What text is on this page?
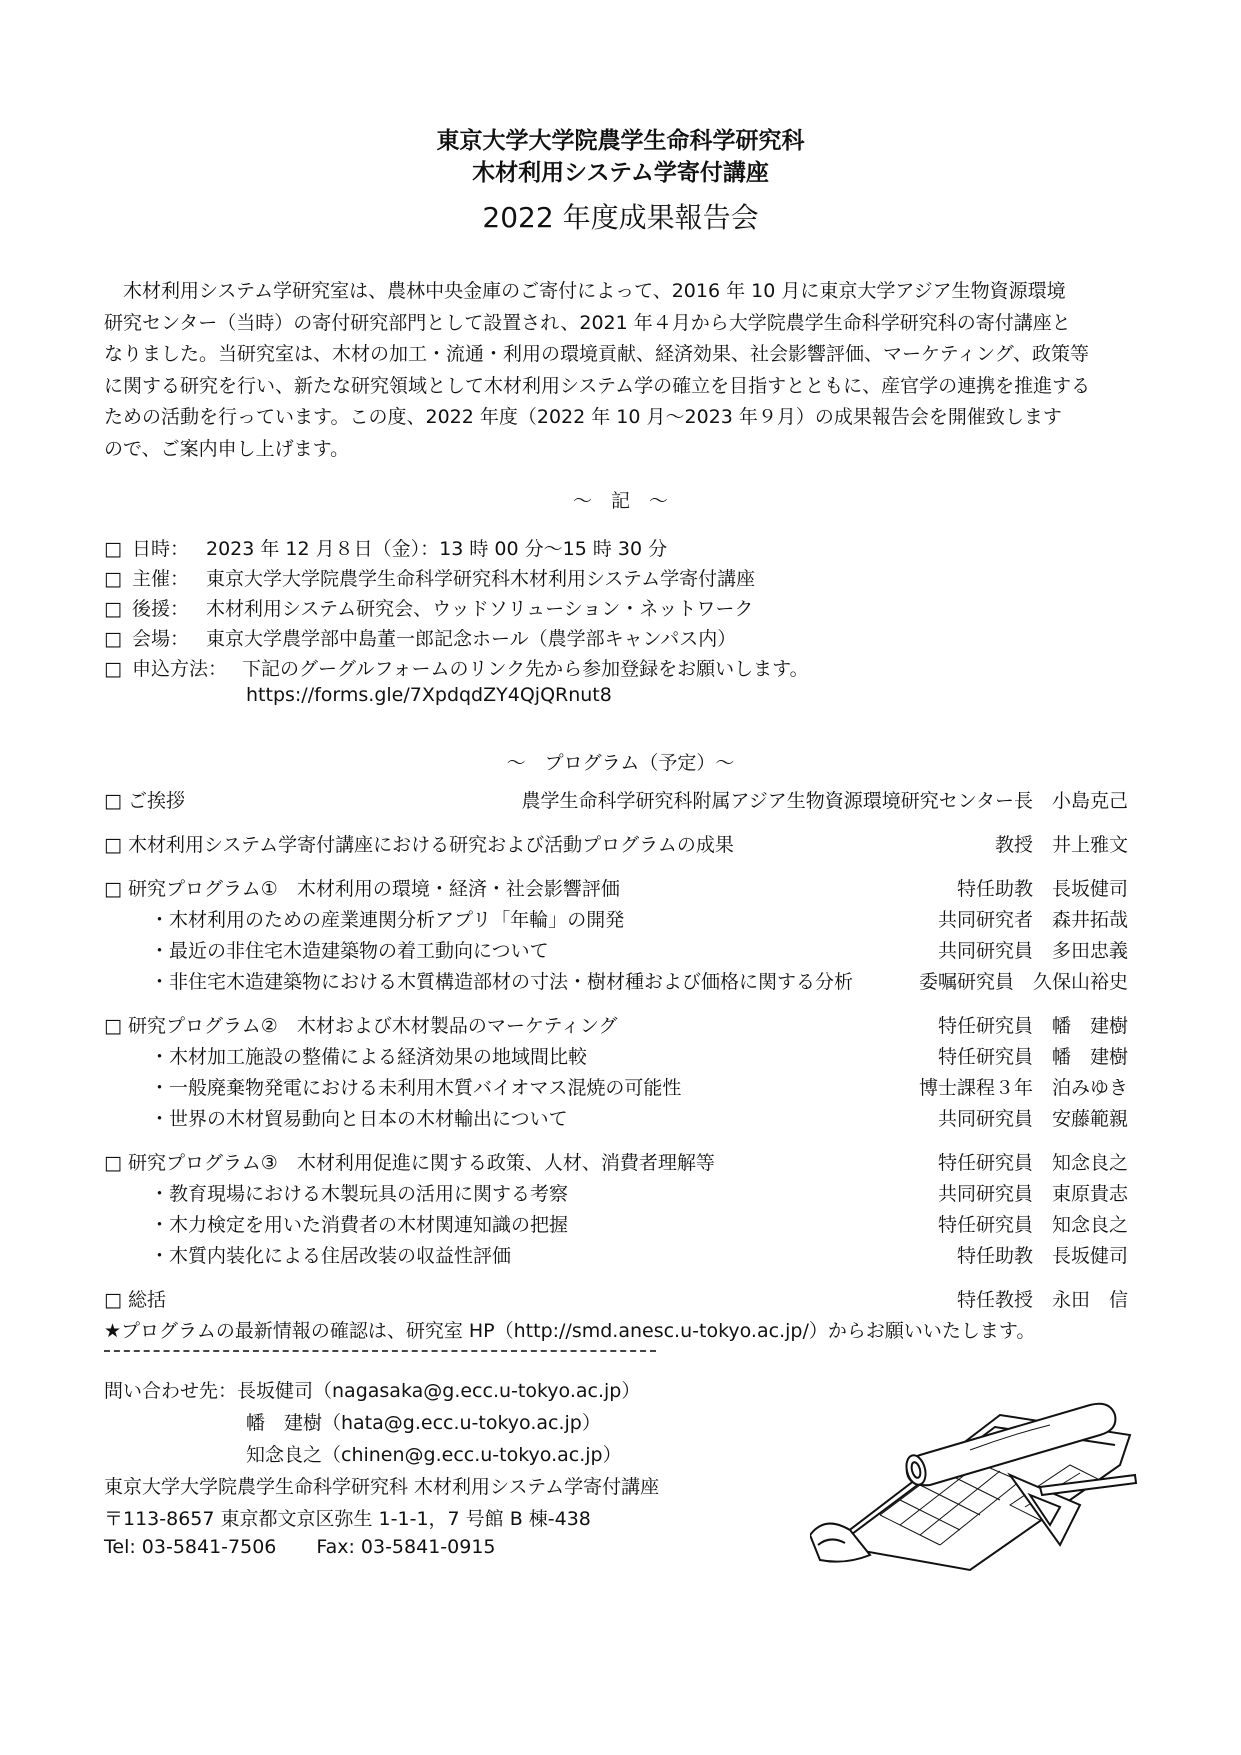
東京大学大学院農学生命科学研究科
木材利用システム学寄付講座
2022 年度成果報告会

木材利用システム学研究室は、農林中央金庫のご寄付によって、2016 年 10 月に東京大学アジア生物資源環境

研究センター（当時）の寄付研究部門として設置され、2021 年４月から大学院農学生命科学研究科の寄付講座と

なりました。当研究室は、木材の加工・流通・利用の環境貢献、経済効果、社会影響評価、マーケティング、政策等

に関する研究を行い、新たな研究領域として木材利用システム学の確立を目指すとともに、産官学の連携を推進する

ための活動を行っています。この度、2022 年度（2022 年 10 月～2023 年９月）の成果報告会を開催致します

ので、ご案内申し上げます。

～　記　～
□ 日時： 2023 年 12 月８日（金）：13 時 00 分～15 時 30 分
□ 主催： 東京大学大学院農学生命科学研究科木材利用システム学寄付講座
□ 後援： 木材利用システム研究会、ウッドソリューション・ネットワーク
□ 会場： 東京大学農学部中島董一郎記念ホール（農学部キャンパス内）
□ 申込方法： 下記のグーグルフォームのリンク先から参加登録をお願いします。
https://forms.gle/7XpdqdZY4QjQRnut8
～　プログラム（予定）～
□ ご挨拶	農学生命科学研究科附属アジア生物資源環境研究センター長　小島克己
□ 木材利用システム学寄付講座における研究および活動プログラムの成果	教授　井上雅文
□ 研究プログラム①　木材利用の環境・経済・社会影響評価	特任助教　長坂健司
・木材利用のための産業連関分析アプリ「年輪」の開発	共同研究者　森井拓哉
・最近の非住宅木造建築物の着工動向について	共同研究員　多田忠義
・非住宅木造建築物における木質構造部材の寸法・樹材種および価格に関する分析	委嘱研究員　久保山裕史
□ 研究プログラム②　木材および木材製品のマーケティング	特任研究員　幡　建樹
・木材加工施設の整備による経済効果の地域間比較	特任研究員　幡　建樹
・一般廃棄物発電における未利用木質バイオマス混焼の可能性	博士課程３年　泊みゆき
・世界の木材貿易動向と日本の木材輸出について	共同研究員　安藤範親
□ 研究プログラム③　木材利用促進に関する政策、人材、消費者理解等	特任研究員　知念良之
・教育現場における木製玩具の活用に関する考察	共同研究員　東原貴志
・木力検定を用いた消費者の木材関連知識の把握	特任研究員　知念良之
・木質内装化による住居改装の収益性評価	特任助教　長坂健司
□ 総括	特任教授　永田　信
★プログラムの最新情報の確認は、研究室 HP（http://smd.anesc.u-tokyo.ac.jp/）からお願いいたします。
問い合わせ先：長坂健司（nagasaka@g.ecc.u-tokyo.ac.jp）
幡　建樹（hata@g.ecc.u-tokyo.ac.jp）
知念良之（chinen@g.ecc.u-tokyo.ac.jp）
東京大学大学院農学生命科学研究科 木材利用システム学寄付講座
〒113-8657 東京都文京区弥生 1-1-1，7 号館 B 棟-438
Tel: 03-5841-7506 Fax: 03-5841-0915
